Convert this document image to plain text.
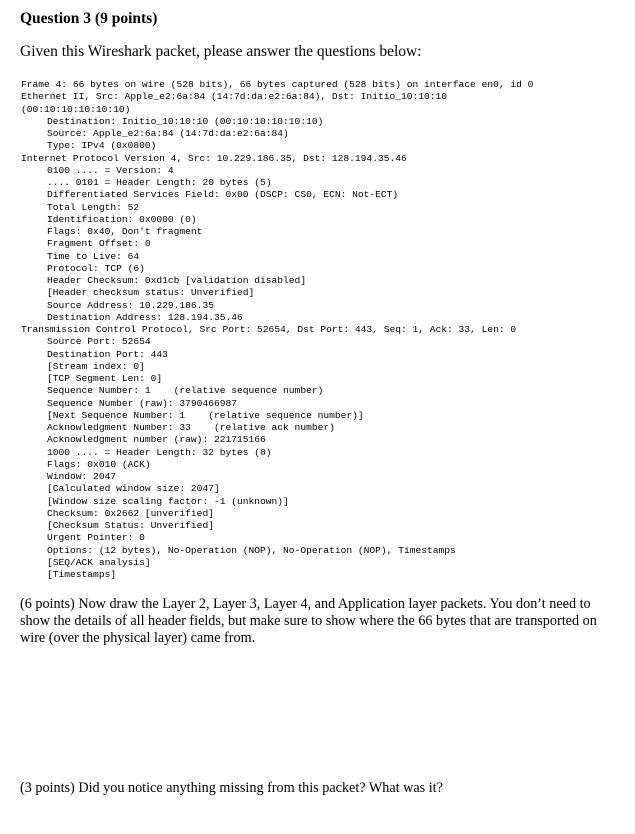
Question 3 (9 points)
Given this Wireshark packet, please answer the questions below:
Frame 4: 66 bytes on wire (528 bits), 66 bytes captured (528 bits) on interface en0, id 0
Ethernet II, Src: Apple_e2:6a:84 (14:7d:da:e2:6a:84), Dst: Initio_10:10:10
(00:10:10:10:10:10)
Destination: Initio_10:10:10 (00:10:10:10:10:10)
Source: Apple_e2:6a:84 (14:7d:da:e2:6a:84)
Type: IPv4 (0x0800)
Internet Protocol Version 4, Src: 10.229.186.35, Dst: 128.194.35.46
0100 .... = Version: 4
.... 0101 = Header Length: 20 bytes (5)
Differentiated Services Field: 0x00 (DSCP: CS0, ECN: Not-ECT)
Total Length: 52
Identification: 0x0000 (0)
Flags: 0x40, Don't fragment
Fragment Offset: 0
Time to Live: 64
Protocol: TCP (6)
Header Checksum: 0xd1cb [validation disabled]
[Header checksum status: Unverified]
Source Address: 10.229.186.35
Destination Address: 128.194.35.46
Transmission Control Protocol, Src Port: 52654, Dst Port: 443, Seq: 1, Ack: 33, Len: 0
Source Port: 52654
Destination Port: 443
[Stream index: 0]
[TCP Segment Len: 0]
Sequence Number: 1    (relative sequence number)
Sequence Number (raw): 3790466987
[Next Sequence Number: 1    (relative sequence number)]
Acknowledgment Number: 33    (relative ack number)
Acknowledgment number (raw): 221715166
1000 .... = Header Length: 32 bytes (8)
Flags: 0x010 (ACK)
Window: 2047
[Calculated window size: 2047]
[Window size scaling factor: -1 (unknown)]
Checksum: 0x2662 [unverified]
[Checksum Status: Unverified]
Urgent Pointer: 0
Options: (12 bytes), No-Operation (NOP), No-Operation (NOP), Timestamps
[SEQ/ACK analysis]
[Timestamps]
(6 points) Now draw the Layer 2, Layer 3, Layer 4, and Application layer packets. You don’t need to show the details of all header fields, but make sure to show where the 66 bytes that are transported on wire (over the physical layer) came from.
(3 points) Did you notice anything missing from this packet? What was it?
